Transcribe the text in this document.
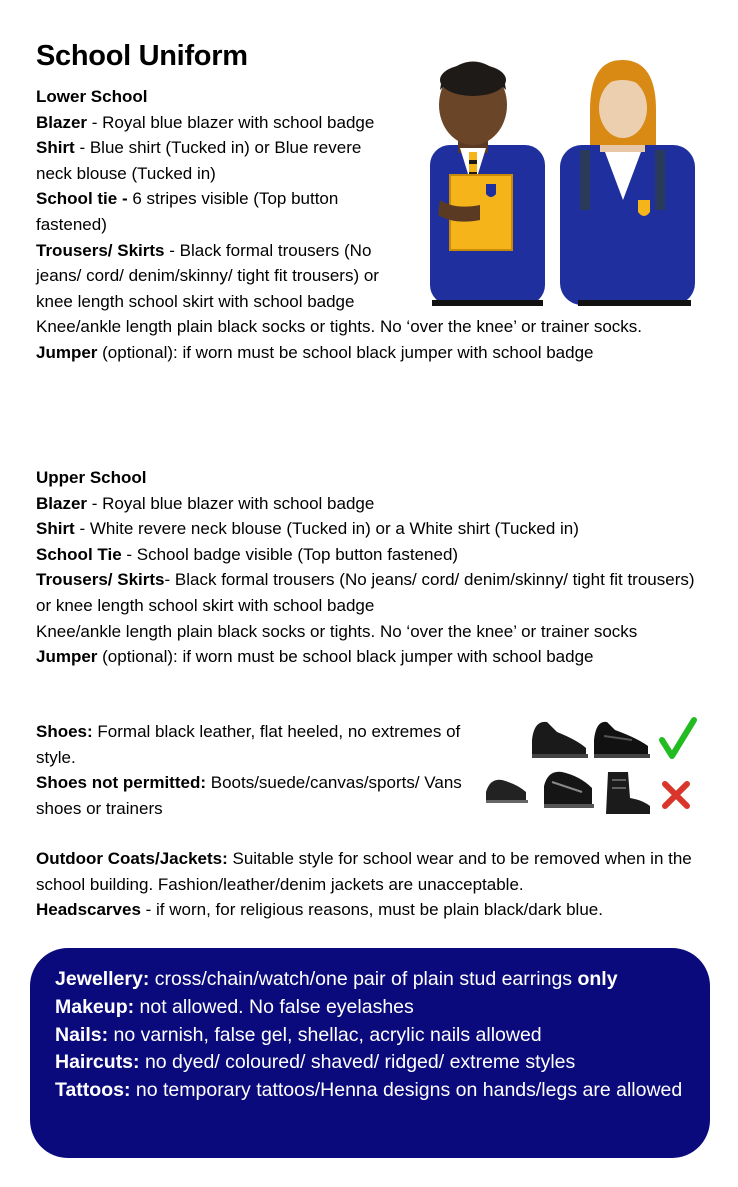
School Uniform

Lower School

Blazer - Royal blue blazer with school badge

Shirt - Blue shirt (Tucked in) or Blue revere neck blouse (Tucked in)

School tie - 6 stripes visible (Top button fastened)

Trousers/ Skirts - Black formal trousers (No jeans/ cord/ denim/skinny/ tight fit trousers) or knee length school skirt with school badge

Knee/ankle length plain black socks or tights. No ‘over the knee’ or trainer socks.

Jumper (optional): if worn must be school black jumper with school badge

Upper School

Blazer - Royal blue blazer with school badge

Shirt - White revere neck blouse (Tucked in) or a White shirt (Tucked in)

School Tie - School badge visible (Top button fastened)

Trousers/ Skirts- Black formal trousers (No jeans/ cord/ denim/skinny/ tight fit trousers) or knee length school skirt with school badge

Knee/ankle length plain black socks or tights. No ‘over the knee’ or trainer socks

Jumper (optional): if worn must be school black jumper with school badge

Shoes: Formal black leather, flat heeled, no extremes of style.

Shoes not permitted: Boots/suede/canvas/sports/ Vans shoes or trainers

Outdoor Coats/Jackets: Suitable style for school wear and to be removed when in the school building. Fashion/leather/denim jackets are unacceptable.

Headscarves - if worn, for religious reasons, must be plain black/dark blue.

Jewellery: cross/chain/watch/one pair of plain stud earrings only

Makeup: not allowed. No false eyelashes

Nails: no varnish, false gel, shellac, acrylic nails allowed

Haircuts: no dyed/ coloured/ shaved/ ridged/ extreme styles

Tattoos: no temporary tattoos/Henna designs on hands/legs are allowed
